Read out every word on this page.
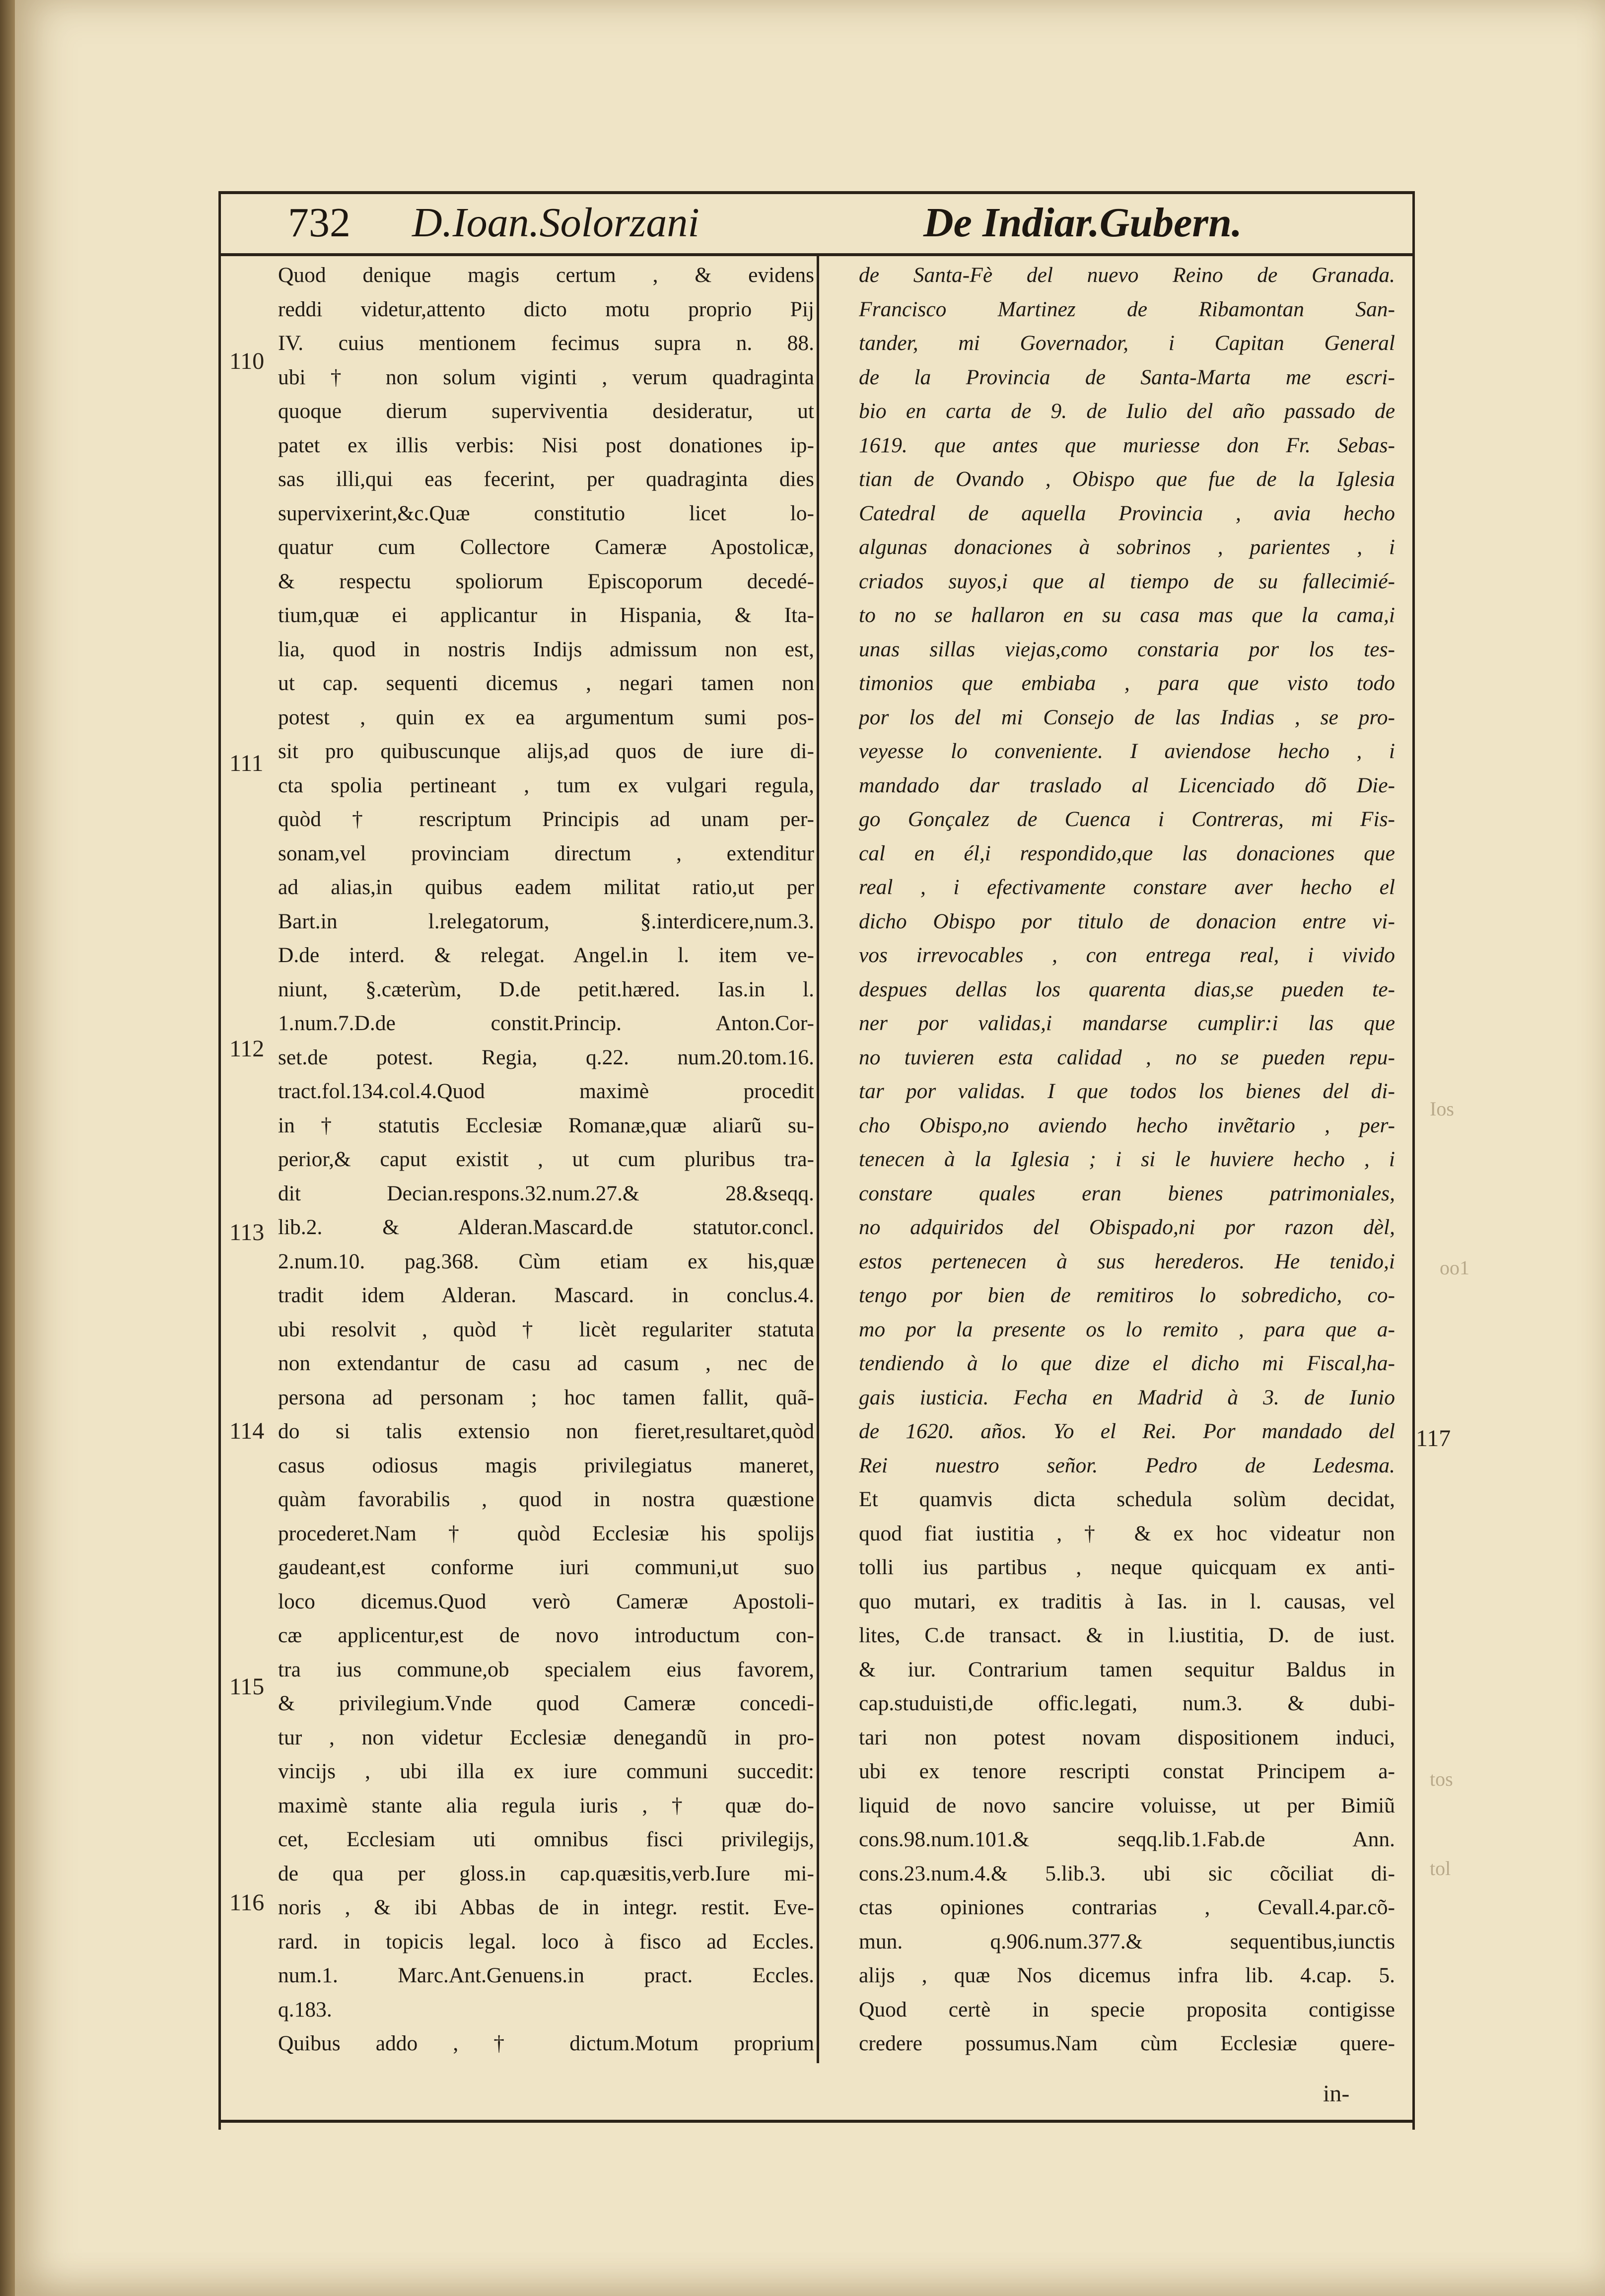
732 D.Ioan.Solorzani	De Indiar.Gubern.
Quod denique magis certum , & evidens
reddi videtur,attento dicto motu proprio Pij
IV. cuius mentionem fecimus supra n. 88.
ubi † non solum viginti , verum quadraginta
quoque dierum superviventia desideratur, ut
patet ex illis verbis: Nisi post donationes ip-
sas illi,qui eas fecerint, per quadraginta dies
supervixerint,&c.Quæ constitutio licet lo-
quatur cum Collectore Cameræ Apostolicæ,
& respectu spoliorum Episcoporum decedé-
tium,quæ ei applicantur in Hispania, & Ita-
lia, quod in nostris Indijs admissum non est,
ut cap. sequenti dicemus , negari tamen non
potest , quin ex ea argumentum sumi pos-
sit pro quibuscunque alijs,ad quos de iure di-
cta spolia pertineant , tum ex vulgari regula,
quòd † rescriptum Principis ad unam per-
sonam,vel provinciam directum , extenditur
ad alias,in quibus eadem militat ratio,ut per
Bart.in l.relegatorum, §.interdicere,num.3.
D.de interd. & relegat. Angel.in l. item ve-
niunt, §.cæterùm, D.de petit.hæred. Ias.in l.
1.num.7.D.de constit.Princip. Anton.Cor-
set.de potest. Regia, q.22. num.20.tom.16.
tract.fol.134.col.4.Quod maximè procedit
in † statutis Ecclesiæ Romanæ,quæ aliarũ su-
perior,& caput existit , ut cum pluribus tra-
dit Decian.respons.32.num.27.& 28.&seqq.
lib.2. & Alderan.Mascard.de statutor.concl.
2.num.10. pag.368. Cùm etiam ex his,quæ
tradit idem Alderan. Mascard. in conclus.4.
ubi resolvit , quòd † licèt regulariter statuta
non extendantur de casu ad casum , nec de
persona ad personam ; hoc tamen fallit, quã-
do si talis extensio non fieret,resultaret,quòd
casus odiosus magis privilegiatus maneret,
quàm favorabilis , quod in nostra quæstione
procederet.Nam † quòd Ecclesiæ his spolijs
gaudeant,est conforme iuri communi,ut suo
loco dicemus.Quod verò Cameræ Apostoli-
cæ applicentur,est de novo introductum con-
tra ius commune,ob specialem eius favorem,
& privilegium.Vnde quod Cameræ concedi-
tur , non videtur Ecclesiæ denegandũ in pro-
vincijs , ubi illa ex iure communi succedit:
maximè stante alia regula iuris , † quæ do-
cet, Ecclesiam uti omnibus fisci privilegijs,
de qua per gloss.in cap.quæsitis,verb.Iure mi-
noris , & ibi Abbas de in integr. restit. Eve-
rard. in topicis legal. loco à fisco ad Eccles.
num.1. Marc.Ant.Genuens.in pract. Eccles.
q.183.
Quibus addo , † dictum.Motum proprium
de Santa-Fè del nuevo Reino de Granada.
Francisco Martinez de Ribamontan San-
tander, mi Governador, i Capitan General
de la Provincia de Santa-Marta me escri-
bio en carta de 9. de Iulio del año passado de
1619. que antes que muriesse don Fr. Sebas-
tian de Ovando , Obispo que fue de la Iglesia
Catedral de aquella Provincia , avia hecho
algunas donaciones à sobrinos , parientes , i
criados suyos,i que al tiempo de su fallecimié-
to no se hallaron en su casa mas que la cama,i
unas sillas viejas,como constaria por los tes-
timonios que embiaba , para que visto todo
por los del mi Consejo de las Indias , se pro-
veyesse lo conveniente. I aviendose hecho , i
mandado dar traslado al Licenciado dõ Die-
go Gonçalez de Cuenca i Contreras, mi Fis-
cal en él,i respondido,que las donaciones que
real , i efectivamente constare aver hecho el
dicho Obispo por titulo de donacion entre vi-
vos irrevocables , con entrega real, i vivido
despues dellas los quarenta dias,se pueden te-
ner por validas,i mandarse cumplir:i las que
no tuvieren esta calidad , no se pueden repu-
tar por validas. I que todos los bienes del di-
cho Obispo,no aviendo hecho invẽtario , per-
tenecen à la Iglesia ; i si le huviere hecho , i
constare quales eran bienes patrimoniales,
no adquiridos del Obispado,ni por razon dèl,
estos pertenecen à sus herederos. He tenido,i
tengo por bien de remitiros lo sobredicho, co-
mo por la presente os lo remito , para que a-
tendiendo à lo que dize el dicho mi Fiscal,ha-
gais iusticia. Fecha en Madrid à 3. de Iunio
de 1620. años. Yo el Rei. Por mandado del
Rei nuestro señor. Pedro de Ledesma.
Et quamvis dicta schedula solùm decidat,
quod fiat iustitia , † & ex hoc videatur non
tolli ius partibus , neque quicquam ex anti-
quo mutari, ex traditis à Ias. in l. causas, vel
lites, C.de transact. & in l.iustitia, D. de iust.
& iur. Contrarium tamen sequitur Baldus in
cap.studuisti,de offic.legati, num.3. & dubi-
tari non potest novam dispositionem induci,
ubi ex tenore rescripti constat Principem a-
liquid de novo sancire voluisse, ut per Bimiũ
cons.98.num.101.& seqq.lib.1.Fab.de Ann.
cons.23.num.4.& 5.lib.3. ubi sic cõciliat di-
ctas opiniones contrarias , Cevall.4.par.cõ-
mun. q.906.num.377.& sequentibus,iunctis
alijs , quæ Nos dicemus infra lib. 4.cap. 5.
Quod certè in specie proposita contigisse
credere possumus.Nam cùm Ecclesiæ quere-
110
111
112
113
114
115
116
117
Ios
oo1
tos
tol
in-
